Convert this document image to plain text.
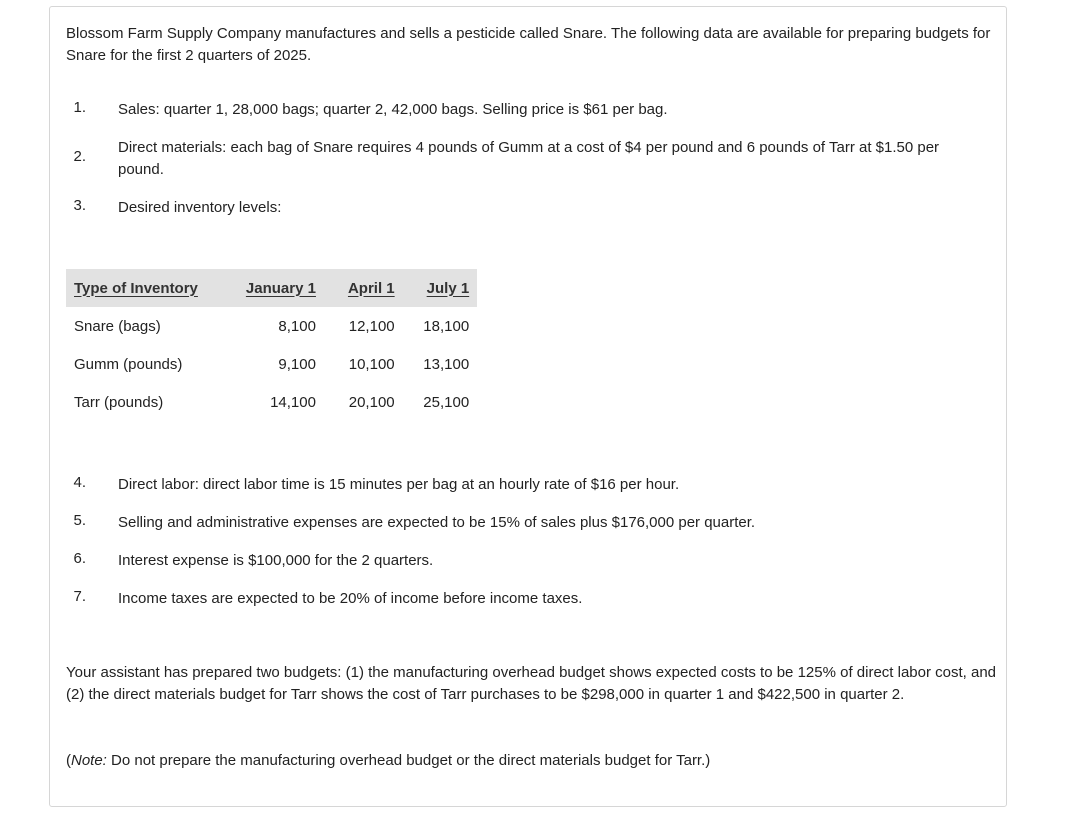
Blossom Farm Supply Company manufactures and sells a pesticide called Snare. The following data are available for preparing budgets for Snare for the first 2 quarters of 2025.

1. Sales: quarter 1, 28,000 bags; quarter 2, 42,000 bags. Selling price is $61 per bag.
2.
Direct materials: each bag of Snare requires 4 pounds of Gumm at a cost of $4 per pound and 6 pounds of Tarr at $1.50 per pound.
3. Desired inventory levels:
Type of Inventory	January 1	April 1	July 1
Snare (bags)	8,100	12,100	18,100
Gumm (pounds)	9,100	10,100	13,100
Tarr (pounds)	14,100	20,100	25,100
4. Direct labor: direct labor time is 15 minutes per bag at an hourly rate of $16 per hour.
5. Selling and administrative expenses are expected to be 15% of sales plus $176,000 per quarter.
6. Interest expense is $100,000 for the 2 quarters.
7. Income taxes are expected to be 20% of income before income taxes.

Your assistant has prepared two budgets: (1) the manufacturing overhead budget shows expected costs to be 125% of direct labor cost, and (2) the direct materials budget for Tarr shows the cost of Tarr purchases to be $298,000 in quarter 1 and $422,500 in quarter 2.

(Note: Do not prepare the manufacturing overhead budget or the direct materials budget for Tarr.)
